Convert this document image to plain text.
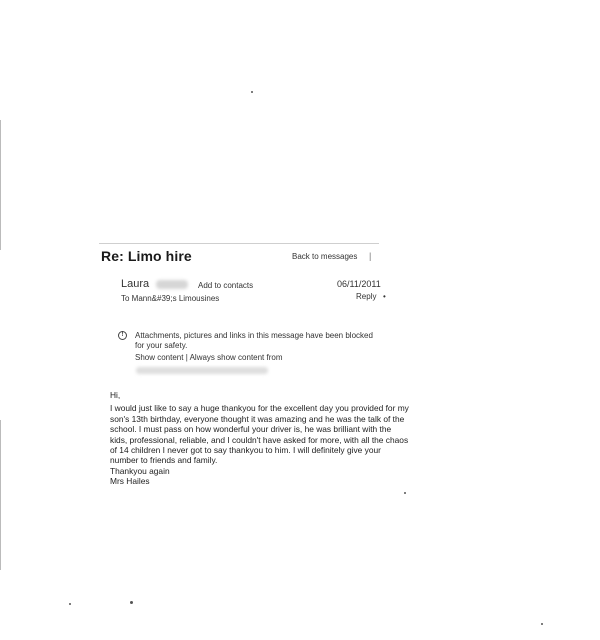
Re: Limo hire	Back to messages |
Laura	Add to contacts	06/11/2011
To Mann&#39;s Limousines	Reply •
!	Attachments, pictures and links in this message have been blocked for your safety.
Show content | Always show content from

Hi,

I would just like to say a huge thankyou for the excellent day you provided for my son's 13th birthday, everyone thought it was amazing and he was the talk of the school. I must pass on how wonderful your driver is, he was brilliant with the kids, professional, reliable, and I couldn't have asked for more, with all the chaos of 14 children I never got to say thankyou to him. I will definitely give your number to friends and family.

Thankyou again

Mrs Hailes
